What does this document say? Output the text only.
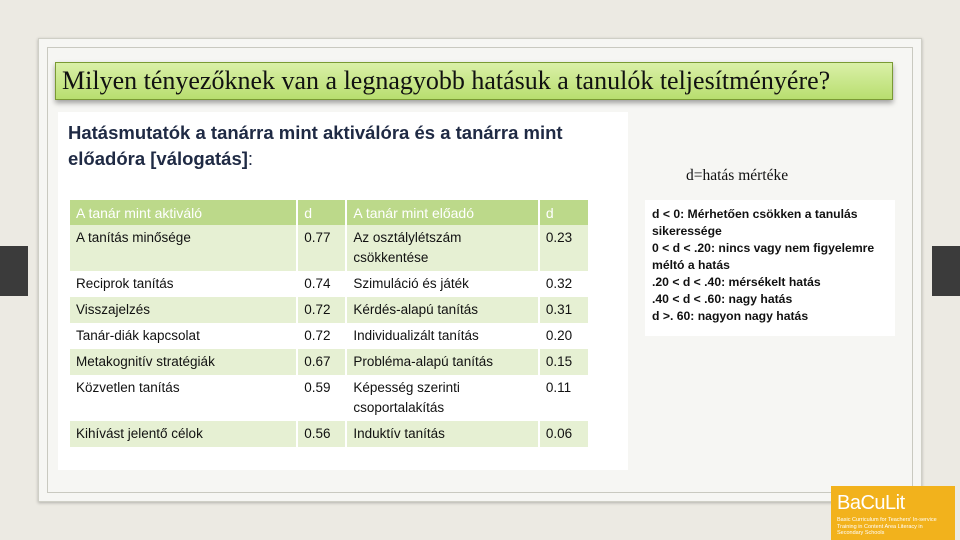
Milyen tényezőknek van a legnagyobb hatásuk a tanulók teljesítményére?
Hatásmutatók a tanárra mint aktiválóra és a tanárra mint előadóra [válogatás]:
A tanár mint aktiváló	d	A tanár mint előadó	d
A tanítás minősége	0.77	Az osztálylétszám csökkentése	0.23
Reciprok tanítás	0.74	Szimuláció és játék	0.32
Visszajelzés	0.72	Kérdés-alapú tanítás	0.31
Tanár-diák kapcsolat	0.72	Individualizált tanítás	0.20
Metakognitív stratégiák	0.67	Probléma-alapú tanítás	0.15
Közvetlen tanítás	0.59	Képesség szerinti csoportalakítás	0.11
Kihívást jelentő célok	0.56	Induktív tanítás	0.06
d=hatás mértéke
d < 0: Mérhetően csökken a tanulás sikeressége
0 < d < .20: nincs vagy nem figyelemre méltó a hatás
.20 < d < .40: mérsékelt hatás
.40 < d < .60: nagy hatás
d >. 60: nagyon nagy hatás
BaCuLit
Basic Curriculum for Teachers' In-service Training in Content Area Literacy in Secondary Schools
